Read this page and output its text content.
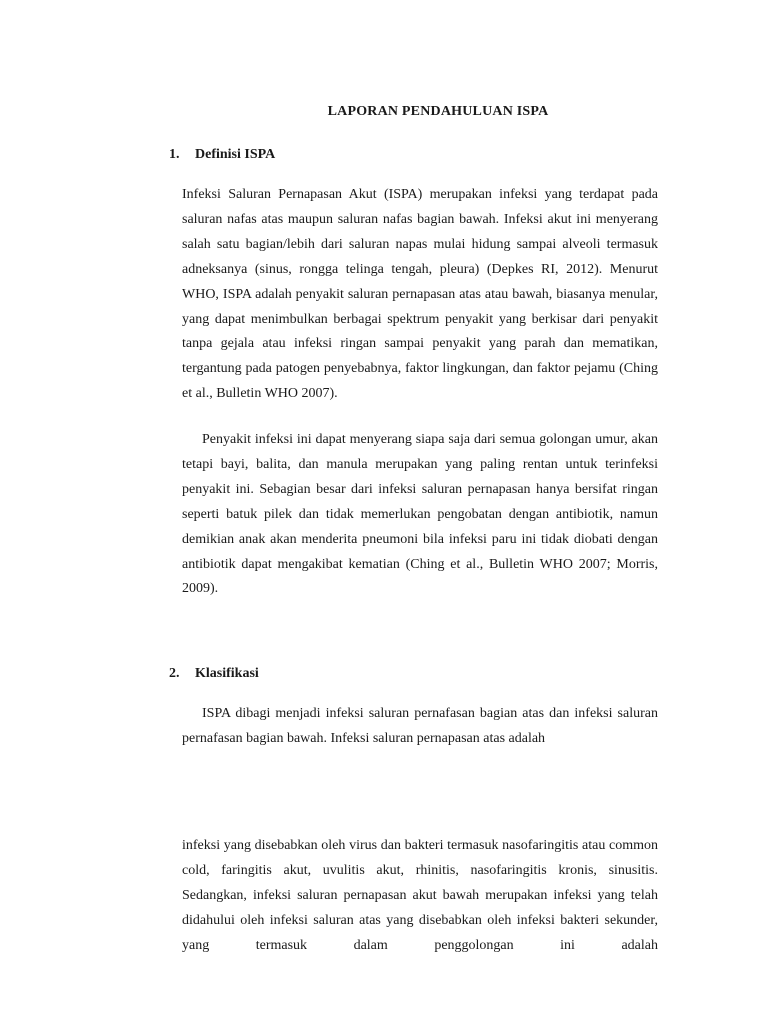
LAPORAN PENDAHULUAN ISPA
1. Definisi ISPA

Infeksi Saluran Pernapasan Akut (ISPA) merupakan infeksi yang terdapat pada saluran nafas atas maupun saluran nafas bagian bawah. Infeksi akut ini menyerang salah satu bagian/lebih dari saluran napas mulai hidung sampai alveoli termasuk adneksanya (sinus, rongga telinga tengah, pleura) (Depkes RI, 2012). Menurut WHO, ISPA adalah penyakit saluran pernapasan atas atau bawah, biasanya menular, yang dapat menimbulkan berbagai spektrum penyakit yang berkisar dari penyakit tanpa gejala atau infeksi ringan sampai penyakit yang parah dan mematikan, tergantung pada patogen penyebabnya, faktor lingkungan, dan faktor pejamu (Ching et al., Bulletin WHO 2007).

Penyakit infeksi ini dapat menyerang siapa saja dari semua golongan umur, akan tetapi bayi, balita, dan manula merupakan yang paling rentan untuk terinfeksi penyakit ini. Sebagian besar dari infeksi saluran pernapasan hanya bersifat ringan seperti batuk pilek dan tidak memerlukan pengobatan dengan antibiotik, namun demikian anak akan menderita pneumoni bila infeksi paru ini tidak diobati dengan antibiotik dapat mengakibat kematian (Ching et al., Bulletin WHO 2007; Morris, 2009).

2. Klasifikasi

ISPA dibagi menjadi infeksi saluran pernafasan bagian atas dan infeksi saluran pernafasan bagian bawah. Infeksi saluran pernapasan atas adalah

infeksi yang disebabkan oleh virus dan bakteri termasuk nasofaringitis atau common cold, faringitis akut, uvulitis akut, rhinitis, nasofaringitis kronis, sinusitis. Sedangkan, infeksi saluran pernapasan akut bawah merupakan infeksi yang telah didahului oleh infeksi saluran atas yang disebabkan oleh infeksi bakteri sekunder, yang termasuk dalam penggolongan ini adalah
